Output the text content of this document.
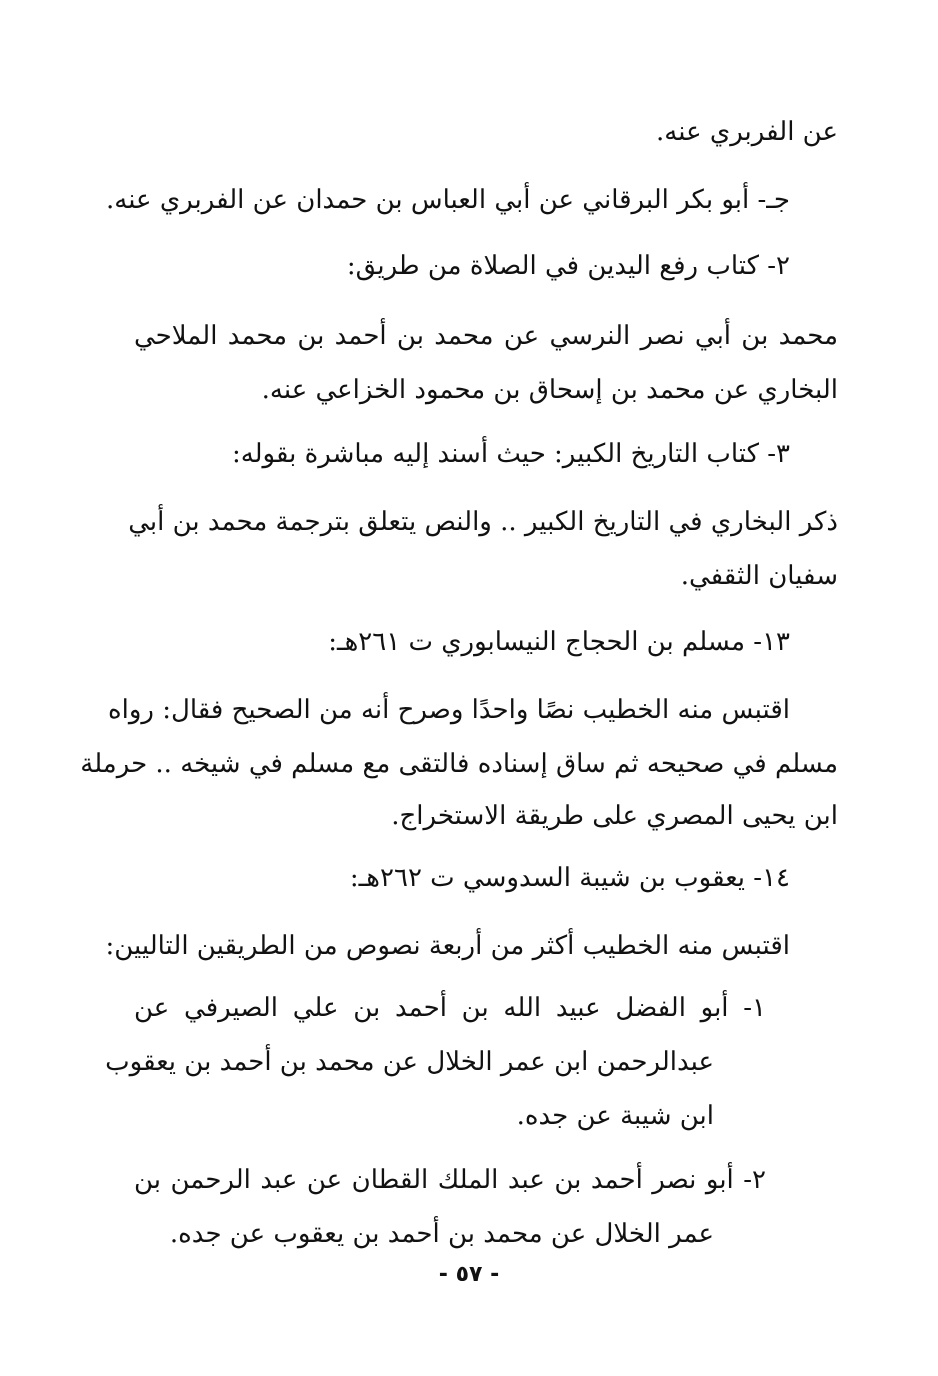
عن الفربري عنه.
جـ- أبو بكر البرقاني عن أبي العباس بن حمدان عن الفربري عنه.
٢- كتاب رفع اليدين في الصلاة من طريق:
محمد بن أبي نصر النرسي عن محمد بن أحمد بن محمد الملاحي
البخاري عن محمد بن إسحاق بن محمود الخزاعي عنه.
٣- كتاب التاريخ الكبير: حيث أسند إليه مباشرة بقوله:
ذكر البخاري في التاريخ الكبير .. والنص يتعلق بترجمة محمد بن أبي
سفيان الثقفي.
١٣- مسلم بن الحجاج النيسابوري ت ٢٦١هـ:
اقتبس منه الخطيب نصًا واحدًا وصرح أنه من الصحيح فقال: رواه
مسلم في صحيحه ثم ساق إسناده فالتقى مع مسلم في شيخه .. حرملة
ابن يحيى المصري على طريقة الاستخراج.
١٤- يعقوب بن شيبة السدوسي ت ٢٦٢هـ:
اقتبس منه الخطيب أكثر من أربعة نصوص من الطريقين التاليين:
١- أبو الفضل عبيد الله بن أحمد بن علي الصيرفي عن
عبدالرحمن ابن عمر الخلال عن محمد بن أحمد بن يعقوب
ابن شيبة عن جده.
٢- أبو نصر أحمد بن عبد الملك القطان عن عبد الرحمن بن
عمر الخلال عن محمد بن أحمد بن يعقوب عن جده.
- ٥٧ -
